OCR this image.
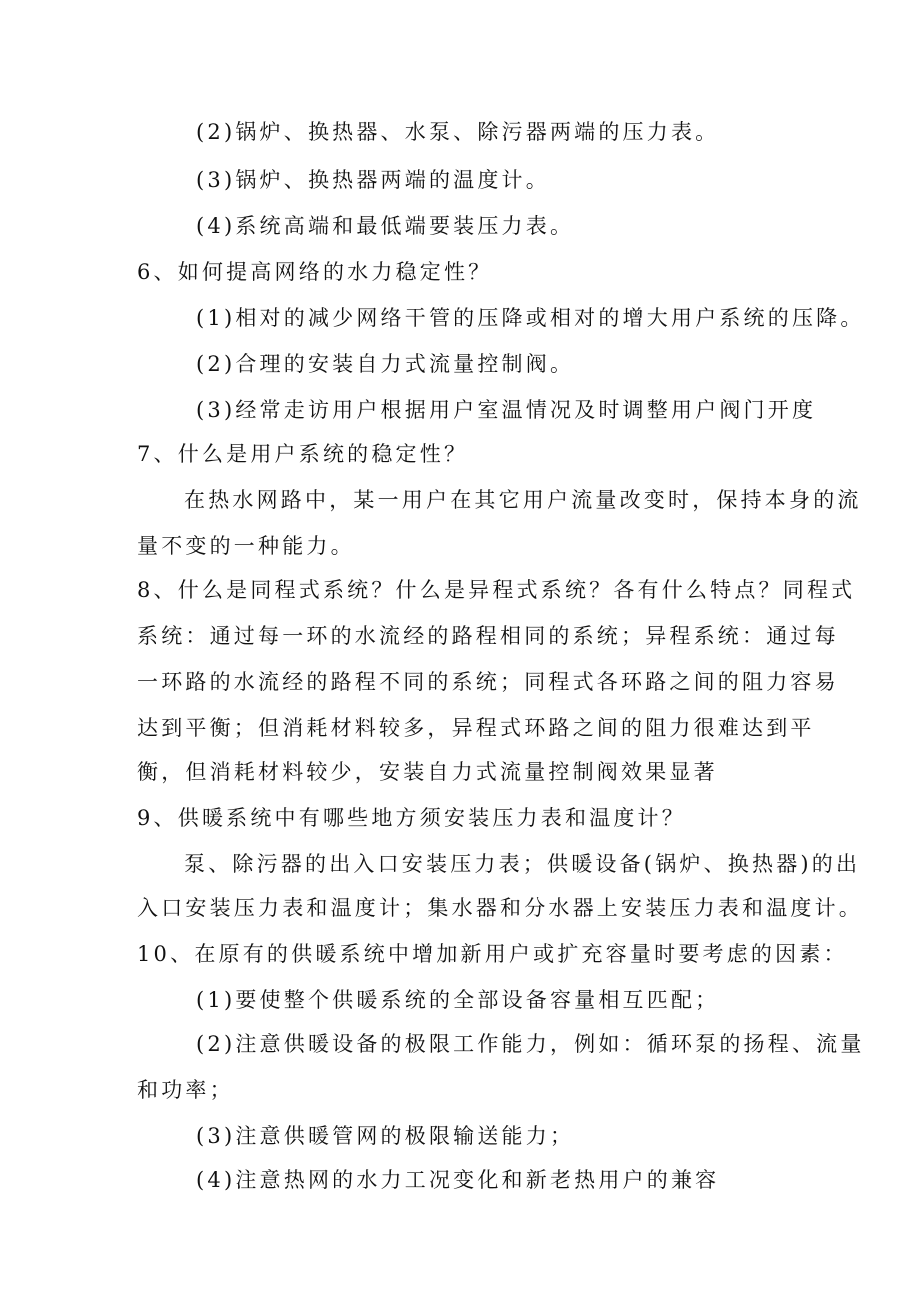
(2)锅炉、换热器、水泵、除污器两端的压力表。
(3)锅炉、换热器两端的温度计。
(4)系统高端和最低端要装压力表。
6、如何提高网络的水力稳定性？
(1)相对的减少网络干管的压降或相对的增大用户系统的压降。
(2)合理的安装自力式流量控制阀。
(3)经常走访用户根据用户室温情况及时调整用户阀门开度
7、什么是用户系统的稳定性？
在热水网路中，某一用户在其它用户流量改变时，保持本身的流
量不变的一种能力。
8、什么是同程式系统？什么是异程式系统？各有什么特点？同程式
系统：通过每一环的水流经的路程相同的系统；异程系统：通过每
一环路的水流经的路程不同的系统；同程式各环路之间的阻力容易
达到平衡；但消耗材料较多，异程式环路之间的阻力很难达到平
衡，但消耗材料较少，安装自力式流量控制阀效果显著
9、供暖系统中有哪些地方须安装压力表和温度计？
泵、除污器的出入口安装压力表；供暖设备(锅炉、换热器)的出
入口安装压力表和温度计；集水器和分水器上安装压力表和温度计。
10、在原有的供暖系统中增加新用户或扩充容量时要考虑的因素：
(1)要使整个供暖系统的全部设备容量相互匹配；
(2)注意供暖设备的极限工作能力，例如：循环泵的扬程、流量
和功率；
(3)注意供暖管网的极限输送能力；
(4)注意热网的水力工况变化和新老热用户的兼容
